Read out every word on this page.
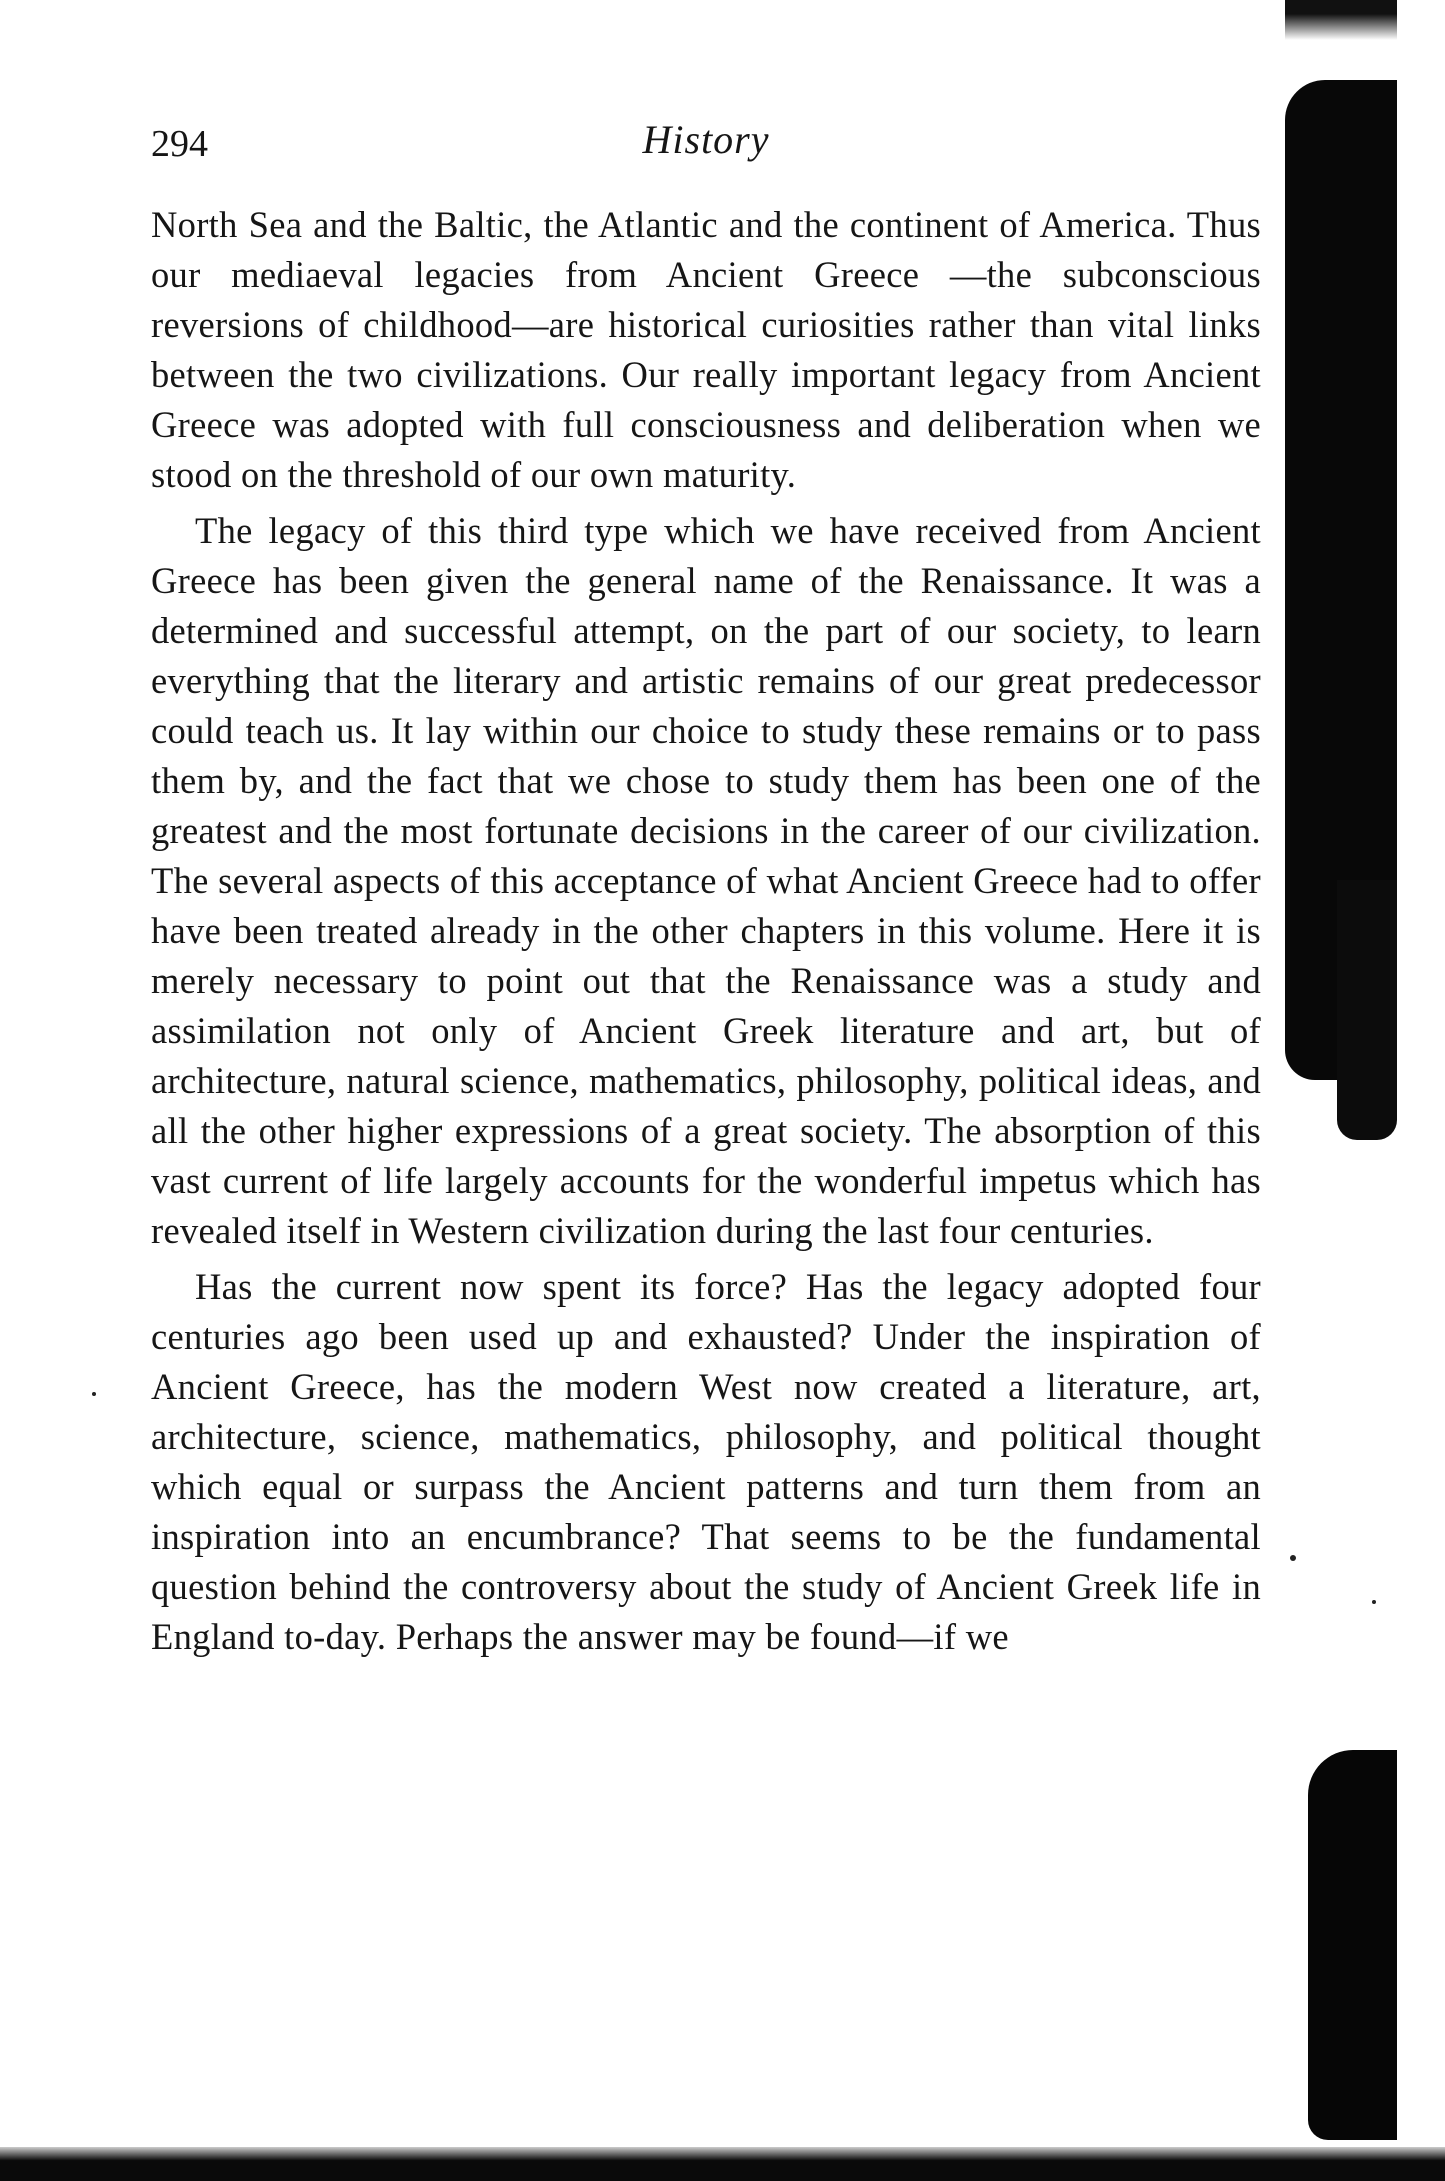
294	History

North Sea and the Baltic, the Atlantic and the continent of America. Thus our mediaeval legacies from Ancient Greece —the subconscious reversions of childhood—are historical curiosities rather than vital links between the two civilizations. Our really important legacy from Ancient Greece was adopted with full consciousness and deliberation when we stood on the threshold of our own maturity.

The legacy of this third type which we have received from Ancient Greece has been given the general name of the Renaissance. It was a determined and successful attempt, on the part of our society, to learn everything that the literary and artistic remains of our great predecessor could teach us. It lay within our choice to study these remains or to pass them by, and the fact that we chose to study them has been one of the greatest and the most fortunate decisions in the career of our civilization. The several aspects of this acceptance of what Ancient Greece had to offer have been treated already in the other chapters in this volume. Here it is merely necessary to point out that the Renaissance was a study and assimilation not only of Ancient Greek literature and art, but of architecture, natural science, mathematics, philosophy, political ideas, and all the other higher expressions of a great society. The absorption of this vast current of life largely accounts for the wonderful impetus which has revealed itself in Western civilization during the last four centuries.

Has the current now spent its force? Has the legacy adopted four centuries ago been used up and exhausted? Under the inspiration of Ancient Greece, has the modern West now created a literature, art, architecture, science, mathematics, philosophy, and political thought which equal or surpass the Ancient patterns and turn them from an inspiration into an encumbrance? That seems to be the fundamental question behind the controversy about the study of Ancient Greek life in England to-day. Perhaps the answer may be found—if we
